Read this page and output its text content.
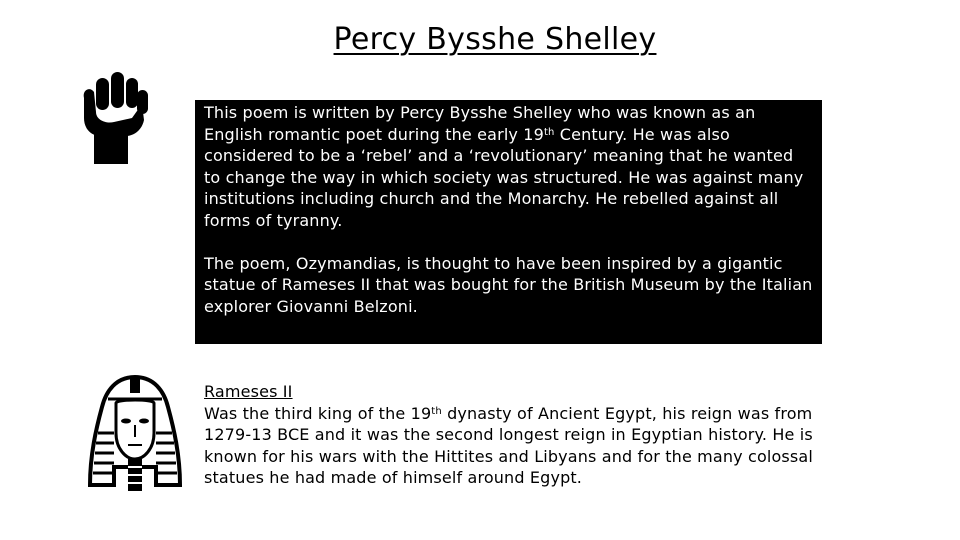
Percy Bysshe Shelley

This poem is written by Percy Bysshe Shelley who was known as an English romantic poet during the early 19th Century. He was also considered to be a ‘rebel’ and a ‘revolutionary’ meaning that he wanted to change the way in which society was structured. He was against many institutions including church and the Monarchy. He rebelled against all forms of tyranny.

The poem, Ozymandias, is thought to have been inspired by a gigantic statue of Rameses II that was bought for the British Museum by the Italian explorer Giovanni Belzoni.

Rameses II

Was the third king of the 19th dynasty of Ancient Egypt, his reign was from 1279-13 BCE and it was the second longest reign in Egyptian history. He is known for his wars with the Hittites and Libyans and for the many colossal statues he had made of himself around Egypt.
